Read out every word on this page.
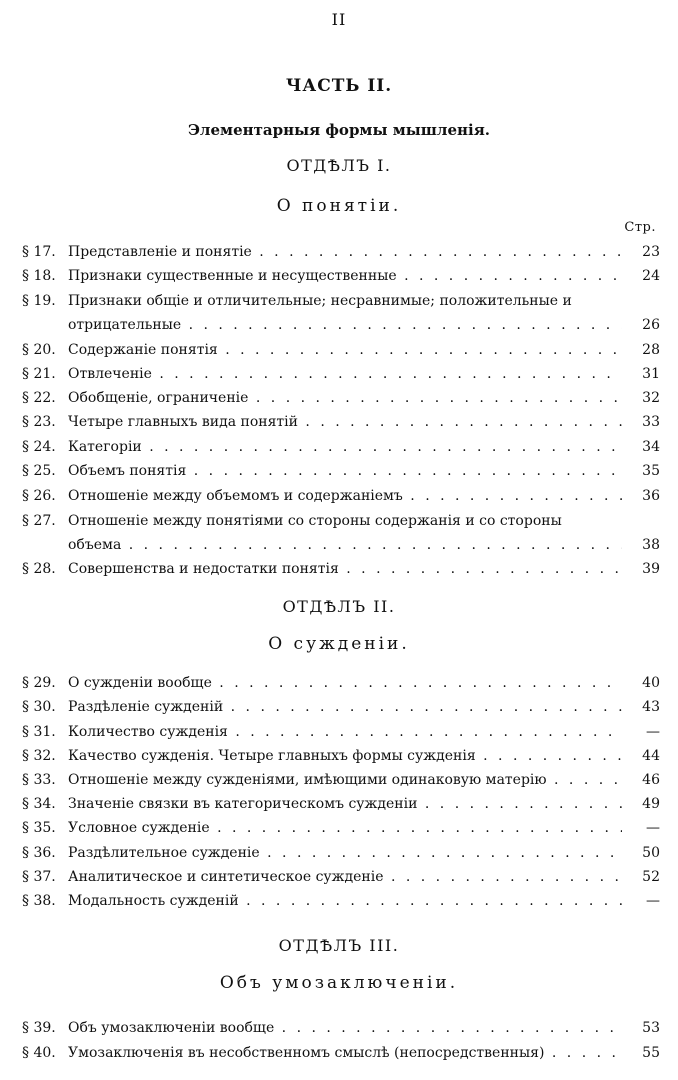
II
ЧАСТЬ II.
Элементарныя формы мышленія.
ОТДѢЛЪ I.
О понятіи.
Стр.
§ 17. Представленіе и понятіе . . .	23
§ 18. Признаки существенные и несущественные . . .	24
§ 19. Признаки общіе и отличительные; несравнимые; положительные и
отрицательные . . .	26
§ 20. Содержаніе понятія . . .	28
§ 21. Отвлеченіе . . .	31
§ 22. Обобщеніе, ограниченіе . . .	32
§ 23. Четыре главныхъ вида понятій . . .	33
§ 24. Категоріи . . .	34
§ 25. Объемъ понятія . . .	35
§ 26. Отношеніе между объемомъ и содержаніемъ . . .	36
§ 27. Отношеніе между понятіями со стороны содержанія и со стороны
объема . . .	38
§ 28. Совершенства и недостатки понятія . . .	39
ОТДѢЛЪ II.
О сужденіи.
§ 29. О сужденіи вообще . . .	40
§ 30. Раздѣленіе сужденій . . .	43
§ 31. Количество сужденія . . .	—
§ 32. Качество сужденія. Четыре главныхъ формы сужденія . . .	44
§ 33. Отношеніе между сужденіями, имѣющими одинаковую матерію . . .	46
§ 34. Значеніе связки въ категорическомъ сужденіи . . .	49
§ 35. Условное сужденіе . . .	—
§ 36. Раздѣлительное сужденіе . . .	50
§ 37. Аналитическое и синтетическое сужденіе . . .	52
§ 38. Модальность сужденій . . .	—
ОТДѢЛЪ III.
Объ умозаключеніи.
§ 39. Объ умозаключеніи вообще . . .	53
§ 40. Умозаключенія въ несобственномъ смыслѣ (непосредственныя) . . .	55
